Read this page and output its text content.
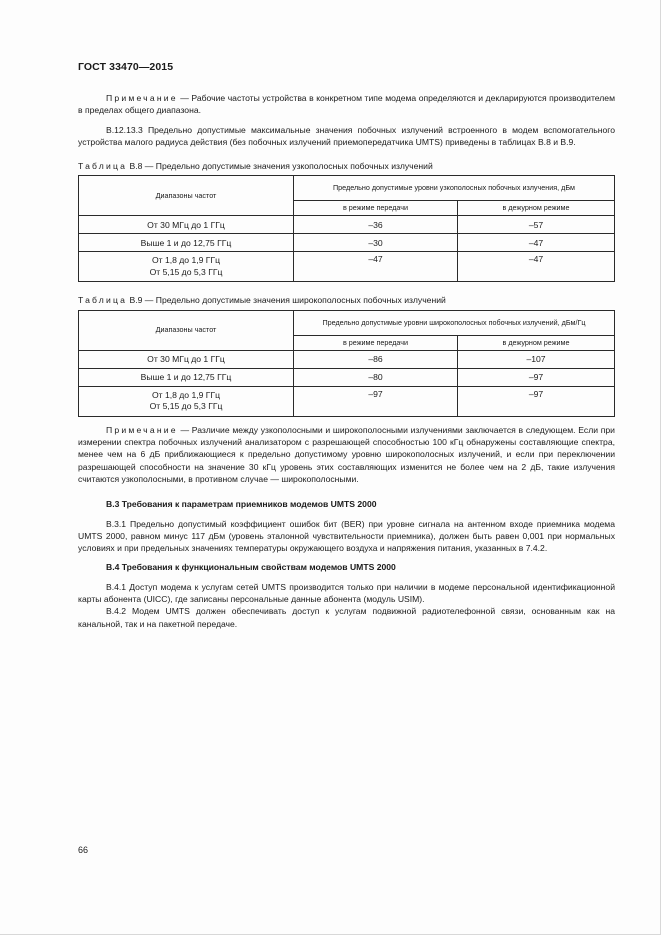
ГОСТ 33470—2015

Примечание — Рабочие частоты устройства в конкретном типе модема определяются и декларируются производителем в пределах общего диапазона.

В.12.13.3 Предельно допустимые максимальные значения побочных излучений встроенного в модем вспомогательного устройства малого радиуса действия (без побочных излучений приемопередатчика UMTS) приведены в таблицах В.8 и В.9.

Таблица В.8 — Предельно допустимые значения узкополосных побочных излучений

Диапазоны частот	Предельно допустимые уровни узкополосных побочных излучения, дБм	
	в режиме передачи	в дежурном режиме
От 30 МГц до 1 ГГц	–36	–57
Выше 1 и до 12,75 ГГц	–30	–47

От 1,8 до 1,9 ГГц
От 5,15 до 5,3 ГГц	–47	–47

Таблица В.9 — Предельно допустимые значения широкополосных побочных излучений

Диапазоны частот	Предельно допустимые уровни широкополосных побочных излучений, дБм/Гц	
	в режиме передачи	в дежурном режиме
От 30 МГц до 1 ГГц	–86	–107
Выше 1 и до 12,75 ГГц	–80	–97

От 1,8 до 1,9 ГГц
От 5,15 до 5,3 ГГц	–97	–97

Примечание — Различие между узкополосными и широкополосными излучениями заключается в следующем. Если при измерении спектра побочных излучений анализатором с разрешающей способностью 100 кГц обнаружены составляющие спектра, менее чем на 6 дБ приближающиеся к предельно допустимому уровню широкополосных излучений, и если при переключении разрешающей способности на значение 30 кГц уровень этих составляющих изменится не более чем на 2 дБ, такие излучения считаются узкополосными, в противном случае — широкополосными.

В.3 Требования к параметрам приемников модемов UMTS 2000

В.3.1 Предельно допустимый коэффициент ошибок бит (BER) при уровне сигнала на антенном входе приемника модема UMTS 2000, равном минус 117 дБм (уровень эталонной чувствительности приемника), должен быть равен 0,001 при нормальных условиях и при предельных значениях температуры окружающего воздуха и напряжения питания, указанных в 7.4.2.

В.4 Требования к функциональным свойствам модемов UMTS 2000

В.4.1 Доступ модема к услугам сетей UMTS производится только при наличии в модеме персональной идентификационной карты абонента (UICC), где записаны персональные данные абонента (модуль USIM).

В.4.2 Модем UMTS должен обеспечивать доступ к услугам подвижной радиотелефонной связи, основанным как на канальной, так и на пакетной передаче.

66
